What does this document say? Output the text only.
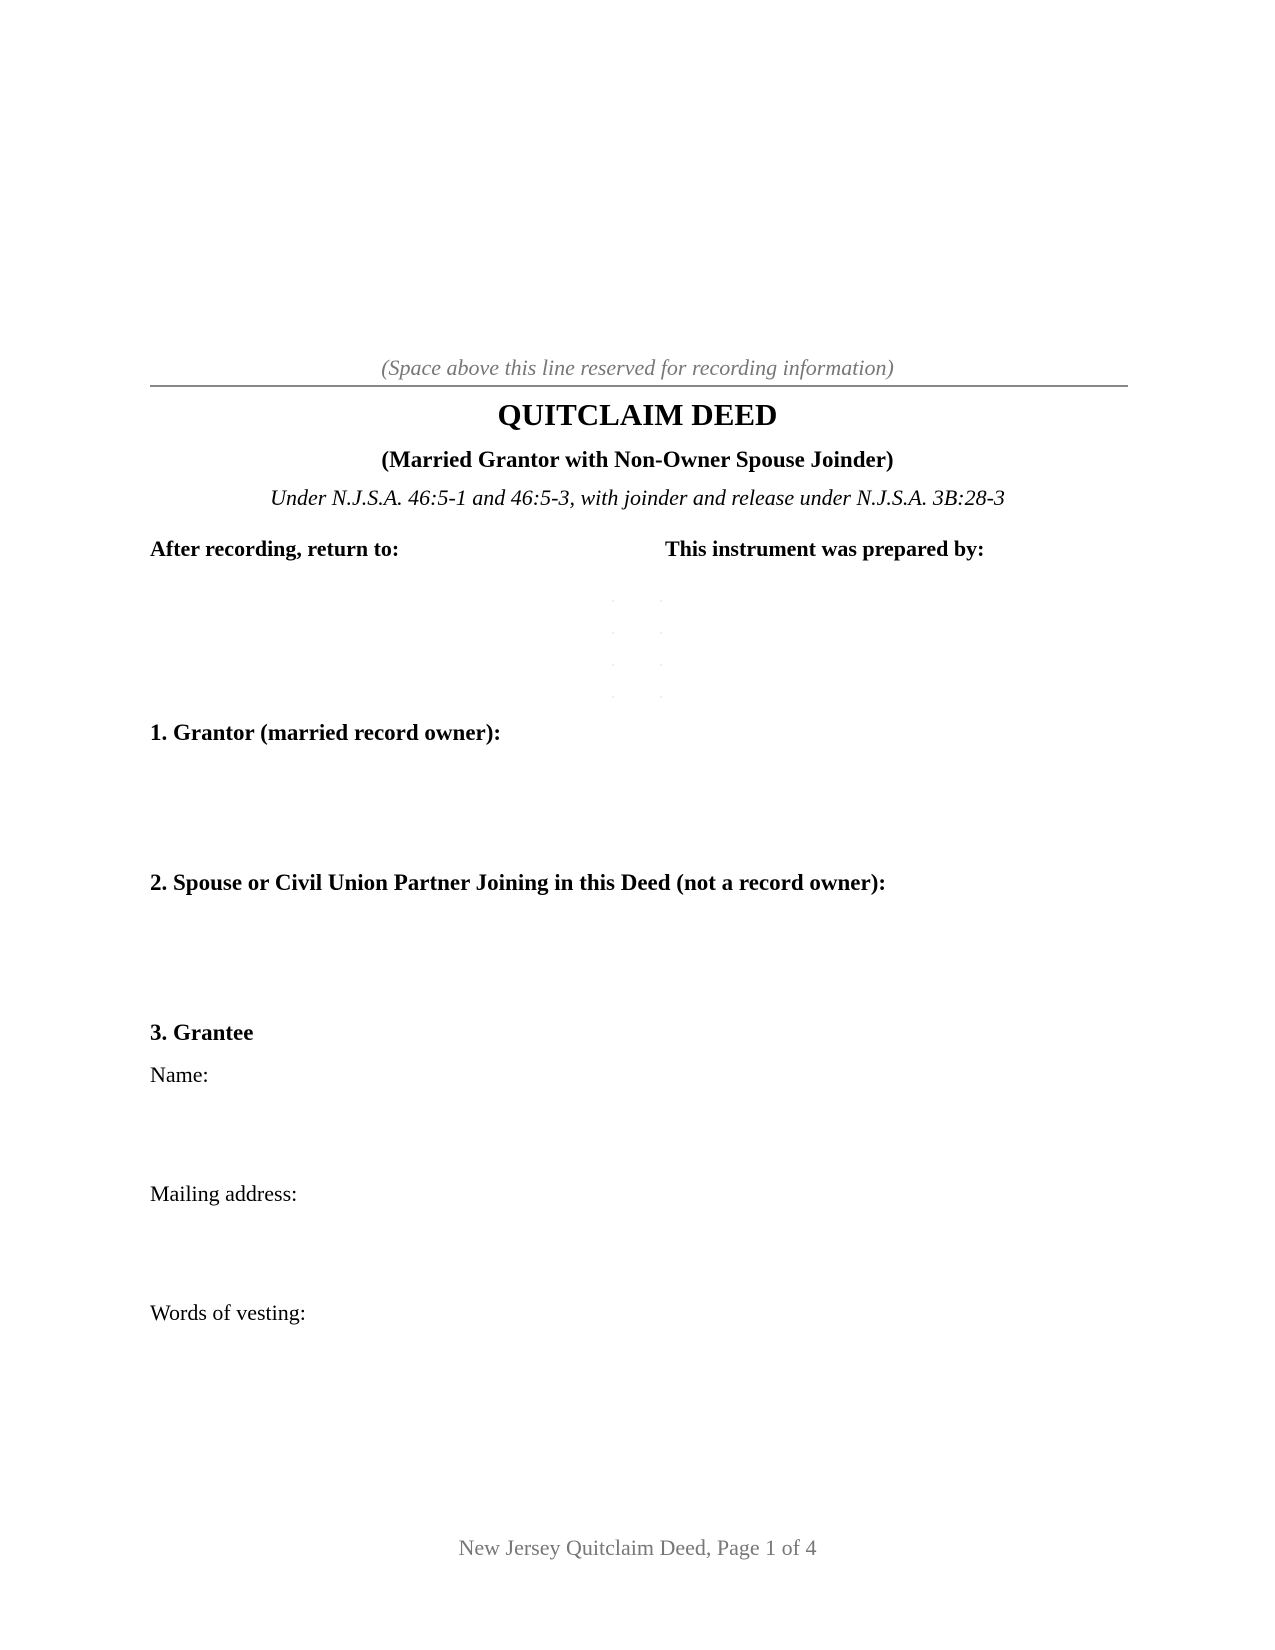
(Space above this line reserved for recording information)
QUITCLAIM DEED
(Married Grantor with Non-Owner Spouse Joinder)
Under N.J.S.A. 46:5-1 and 46:5-3, with joinder and release under N.J.S.A. 3B:28-3
After recording, return to:	This instrument was prepared by:
1. Grantor (married record owner):
2. Spouse or Civil Union Partner Joining in this Deed (not a record owner):
3. Grantee
Name:
Mailing address:
Words of vesting:
New Jersey Quitclaim Deed, Page 1 of 4
